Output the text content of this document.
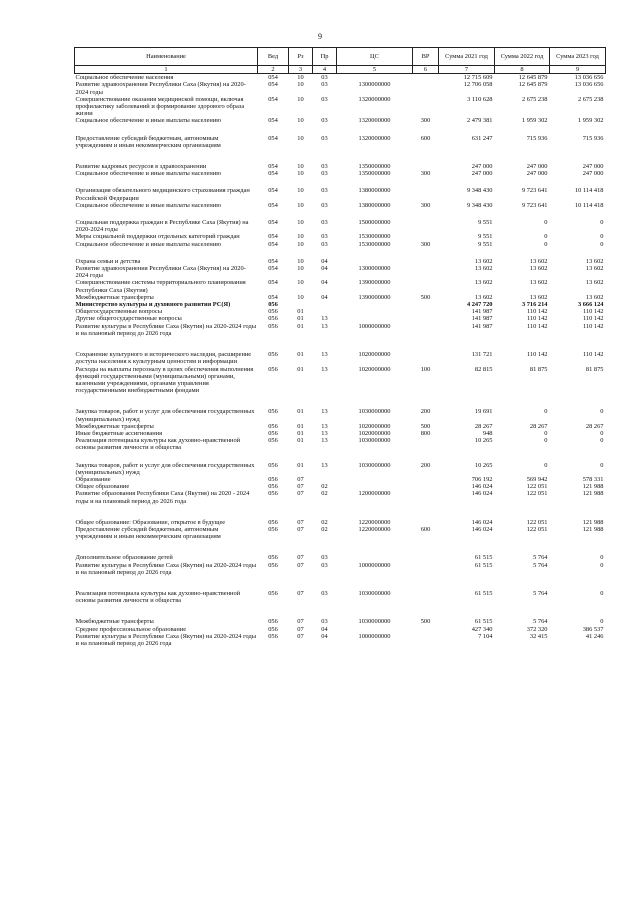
9
Наименование	Вед	Рз	Пр	ЦС	ВР	Сумма 2021 год	Сумма 2022 год	Сумма 2023 год
1	2	3	4	5	6	7	8	9
Социальное обеспечение населения	054	10	03			12 715 609	12 645 879	13 036 656
Развитие здравоохранения Республики Саха (Якутия) на 2020-2024 годы	054	10	03	1300000000		12 706 058	12 645 879	13 036 656
Совершенствование оказания медицинской помощи, включая профилактику заболеваний и формирование здорового образа жизни	054	10	03	1320000000		3 110 628	2 675 238	2 675 238
Социальное обеспечение и иные выплаты населению	054	10	03	1320000000	300	2 479 381	1 959 302	1 959 302
Предоставление субсидий бюджетным, автономным учреждениям и иным некоммерческим организациям	054	10	03	1320000000	600	631 247	715 936	715 936
Развитие кадровых ресурсов в здравоохранении	054	10	03	1350000000		247 000	247 000	247 000
Социальное обеспечение и иные выплаты населению	054	10	03	1350000000	300	247 000	247 000	247 000
Организация обязательного медицинского страхования граждан Российской Федерации	054	10	03	1380000000		9 348 430	9 723 641	10 114 418
Социальное обеспечение и иные выплаты населению	054	10	03	1380000000	300	9 348 430	9 723 641	10 114 418
Социальная поддержка граждан в Республике Саха (Якутия) на 2020-2024 годы	054	10	03	1500000000		9 551	0	0
Меры социальной поддержки отдельных категорий граждан	054	10	03	1530000000		9 551	0	0
Социальное обеспечение и иные выплаты населению	054	10	03	1530000000	300	9 551	0	0
Охрана семьи и детства	054	10	04			13 602	13 602	13 602
Развитие здравоохранения Республики Саха (Якутия) на 2020-2024 годы	054	10	04	1300000000		13 602	13 602	13 602
Совершенствование системы территориального планирования Республики Саха (Якутия)	054	10	04	1390000000		13 602	13 602	13 602
Межбюджетные трансферты	054	10	04	1390000000	500	13 602	13 602	13 602
Министерство культуры и духовного развития РС(Я)	056					4 247 720	3 716 214	3 666 124
Общегосударственные вопросы	056	01				141 987	110 142	110 142
Другие общегосударственные вопросы	056	01	13			141 987	110 142	110 142
Развитие культуры в Республике Саха (Якутия) на 2020-2024 годы и на плановый период до 2026 года	056	01	13	1000000000		141 987	110 142	110 142
Сохранение культурного и исторического наследия, расширение доступа населения к культурным ценностям и информации	056	01	13	1020000000		131 721	110 142	110 142
Расходы на выплаты персоналу в целях обеспечения выполнения функций государственными (муниципальными) органами, казенными учреждениями, органами управления государственными внебюджетными фондами	056	01	13	1020000000	100	82 815	81 875	81 875
Закупка товаров, работ и услуг для обеспечения государственных (муниципальных) нужд	056	01	13	1030000000	200	19 691	0	0
Межбюджетные трансферты	056	01	13	1020000000	500	28 267	28 267	28 267
Иные бюджетные ассигнования	056	01	13	1020000000	800	948	0	0
Реализация потенциала культуры как духовно-нравственной основы развития личности и общества	056	01	13	1030000000		10 265	0	0
Закупка товаров, работ и услуг для обеспечения государственных (муниципальных) нужд	056	01	13	1030000000	200	10 265	0	0
Образование	056	07				706 192	569 942	578 331
Общее образование	056	07	02			146 024	122 051	121 988
Развитие образования Республики Саха (Якутия) на 2020 - 2024 годы и на плановый период до 2026 года	056	07	02	1200000000		146 024	122 051	121 988
Общее образование: Образование, открытое в будущее	056	07	02	1220000000		146 024	122 051	121 988
Предоставление субсидий бюджетным, автономным учреждениям и иным некоммерческим организациям	056	07	02	1220000000	600	146 024	122 051	121 988
Дополнительное образование детей	056	07	03			61 515	5 764	0
Развитие культуры в Республике Саха (Якутия) на 2020-2024 годы и на плановый период до 2026 года	056	07	03	1000000000		61 515	5 764	0
Реализация потенциала культуры как духовно-нравственной основы развития личности и общества	056	07	03	1030000000		61 515	5 764	0
Межбюджетные трансферты	056	07	03	1030000000	500	61 515	5 764	0
Среднее профессиональное образование	056	07	04			427 340	372 320	386 537
Развитие культуры в Республике Саха (Якутия) на 2020-2024 годы и на плановый период до 2026 года	056	07	04	1000000000		7 104	32 415	41 246
